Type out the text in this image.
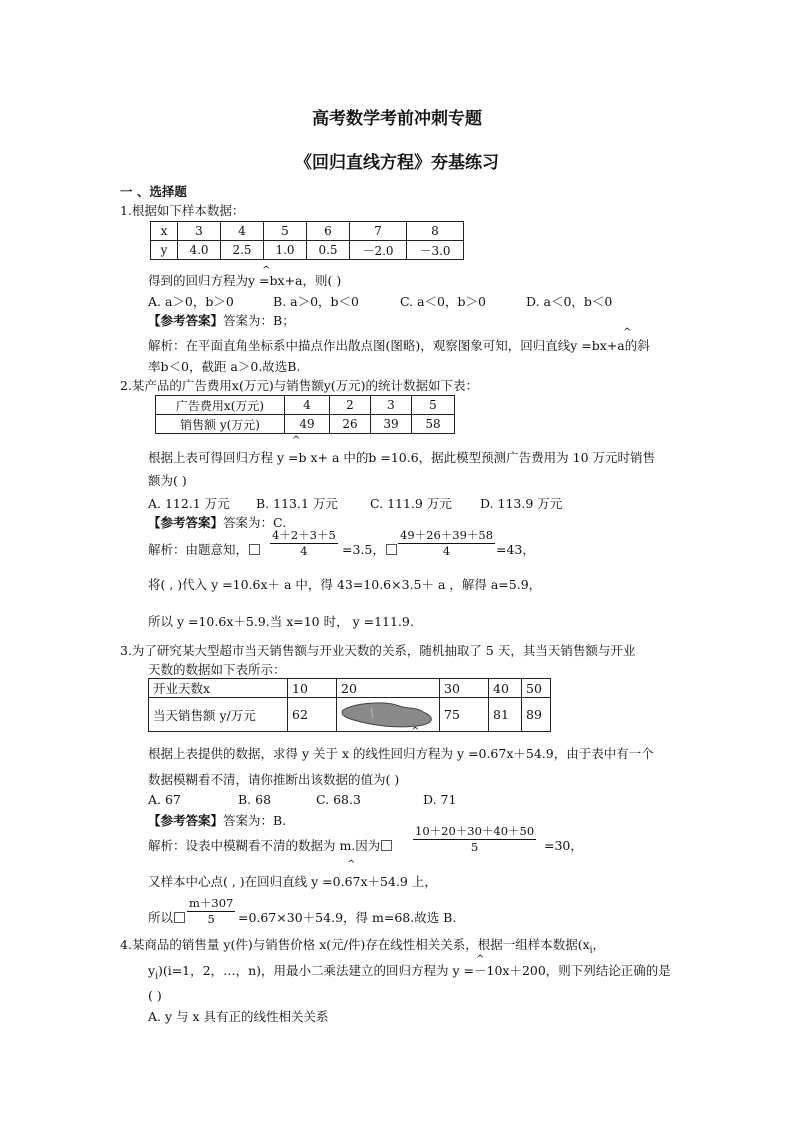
高考数学考前冲刺专题
《回归直线方程》夯基练习
一 、选择题
1.根据如下样本数据：
x	3	4	5	6	7	8
y	4.0	2.5	1.0	0.5	－2.0	－3.0
^
得到的回归方程为y =bx+a，则( )
A. a＞0，b＞0	B. a＞0，b＜0	C. a＜0，b＞0	D. a＜0，b＜0
【参考答案】答案为：B；
^
解析：在平面直角坐标系中描点作出散点图(图略)，观察图象可知，回归直线y =bx+a的斜
率b＜0，截距 a＞0.故选B.
2.某产品的广告费用x(万元)与销售额y(万元)的统计数据如下表：
广告费用x(万元)	4	2	3	5
销售额 y(万元)	49	26	39	58
^
根据上表可得回归方程 y =b x+ a 中的b =10.6，据此模型预测广告费用为 10 万元时销售
额为( )
A. 112.1 万元 B. 113.1 万元	C. 111.9 万元 D. 113.9 万元
【参考答案】答案为：C.
解析：由题意知，	$\frac{4+2+3+5}{4} =3.5$，	$\frac{49+26+39+58}{4} =43$，
将( , )代入 y =10.6x＋ a 中，得 43=10.6×3.5＋ a ，解得 a=5.9，
所以 y =10.6x＋5.9.当 x=10 时， y =111.9.
3.为了研究某大型超市当天销售额与开业天数的关系，随机抽取了 5 天，其当天销售额与开业
天数的数据如下表所示：
开业天数x	10	20	30	40	50
当天销售额 y/万元	62		75	81	89
^
根据上表提供的数据，求得 y 关于 x 的线性回归方程为 y =0.67x＋54.9，由于表中有一个
数据模糊看不清，请你推断出该数据的值为( )
A. 67	B. 68	C. 68.3	D. 71
【参考答案】答案为：B.
解析：设表中模糊看不清的数据为 m.因为	$\frac{10+20+30+40+50}{5} =30$，
^
又样本中心点( , )在回归直线 y =0.67x＋54.9 上，
所以	$\frac{m+307}{5} =0.67\times 30+54.9$，得 m=68.故选 B.
4.某商品的销售量 y(件)与销售价格 x(元/件)存在线性相关关系，根据一组样本数据($x_i$，
^
$y_i)(i=1$，2，…，n)，用最小二乘法建立的回归方程为 y =－10x＋200，则下列结论正确的是
( )
A. y 与 x 具有正的线性相关关系
